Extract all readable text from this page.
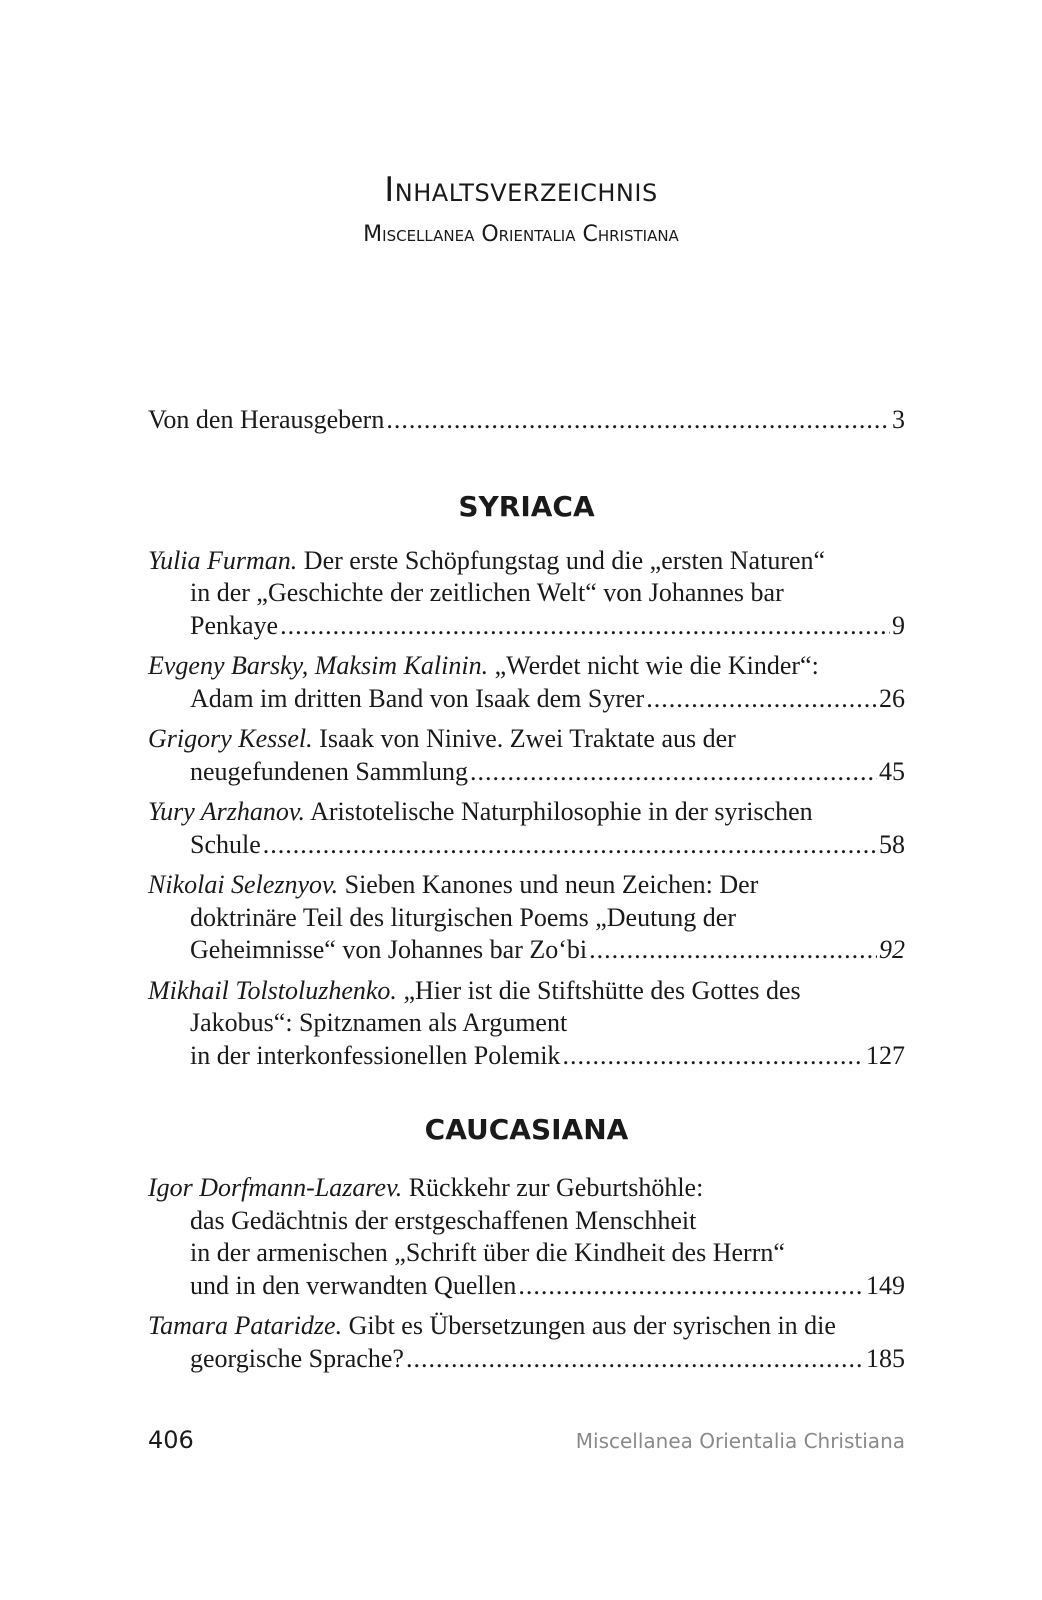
Inhaltsverzeichnis
Miscellanea Orientalia Christiana
Von den Herausgebern .....	3
SYRIACA
Yulia Furman. Der erste Schöpfungstag und die „ersten Naturen“
in der „Geschichte der zeitlichen Welt“ von Johannes bar
Penkaye .....	9
Evgeny Barsky, Maksim Kalinin. „Werdet nicht wie die Kinder“:
Adam im dritten Band von Isaak dem Syrer .....	26
Grigory Kessel. Isaak von Ninive. Zwei Traktate aus der
neugefundenen Sammlung .....	45
Yury Arzhanov. Aristotelische Naturphilosophie in der syrischen
Schule .....	58
Nikolai Seleznyov. Sieben Kanones und neun Zeichen: Der
doktrinäre Teil des liturgischen Poems „Deutung der
Geheimnisse“ von Johannes bar Zoʻbi .....	92
Mikhail Tolstoluzhenko. „Hier ist die Stiftshütte des Gottes des
Jakobus“: Spitznamen als Argument
in der interkonfessionellen Polemik .....	127
CAUCASIANA
Igor Dorfmann-Lazarev. Rückkehr zur Geburtshöhle:
das Gedächtnis der erstgeschaffenen Menschheit
in der armenischen „Schrift über die Kindheit des Herrn“
und in den verwandten Quellen .....	149
Tamara Pataridze. Gibt es Übersetzungen aus der syrischen in die
georgische Sprache? .....	185
406	Miscellanea Orientalia Christiana
